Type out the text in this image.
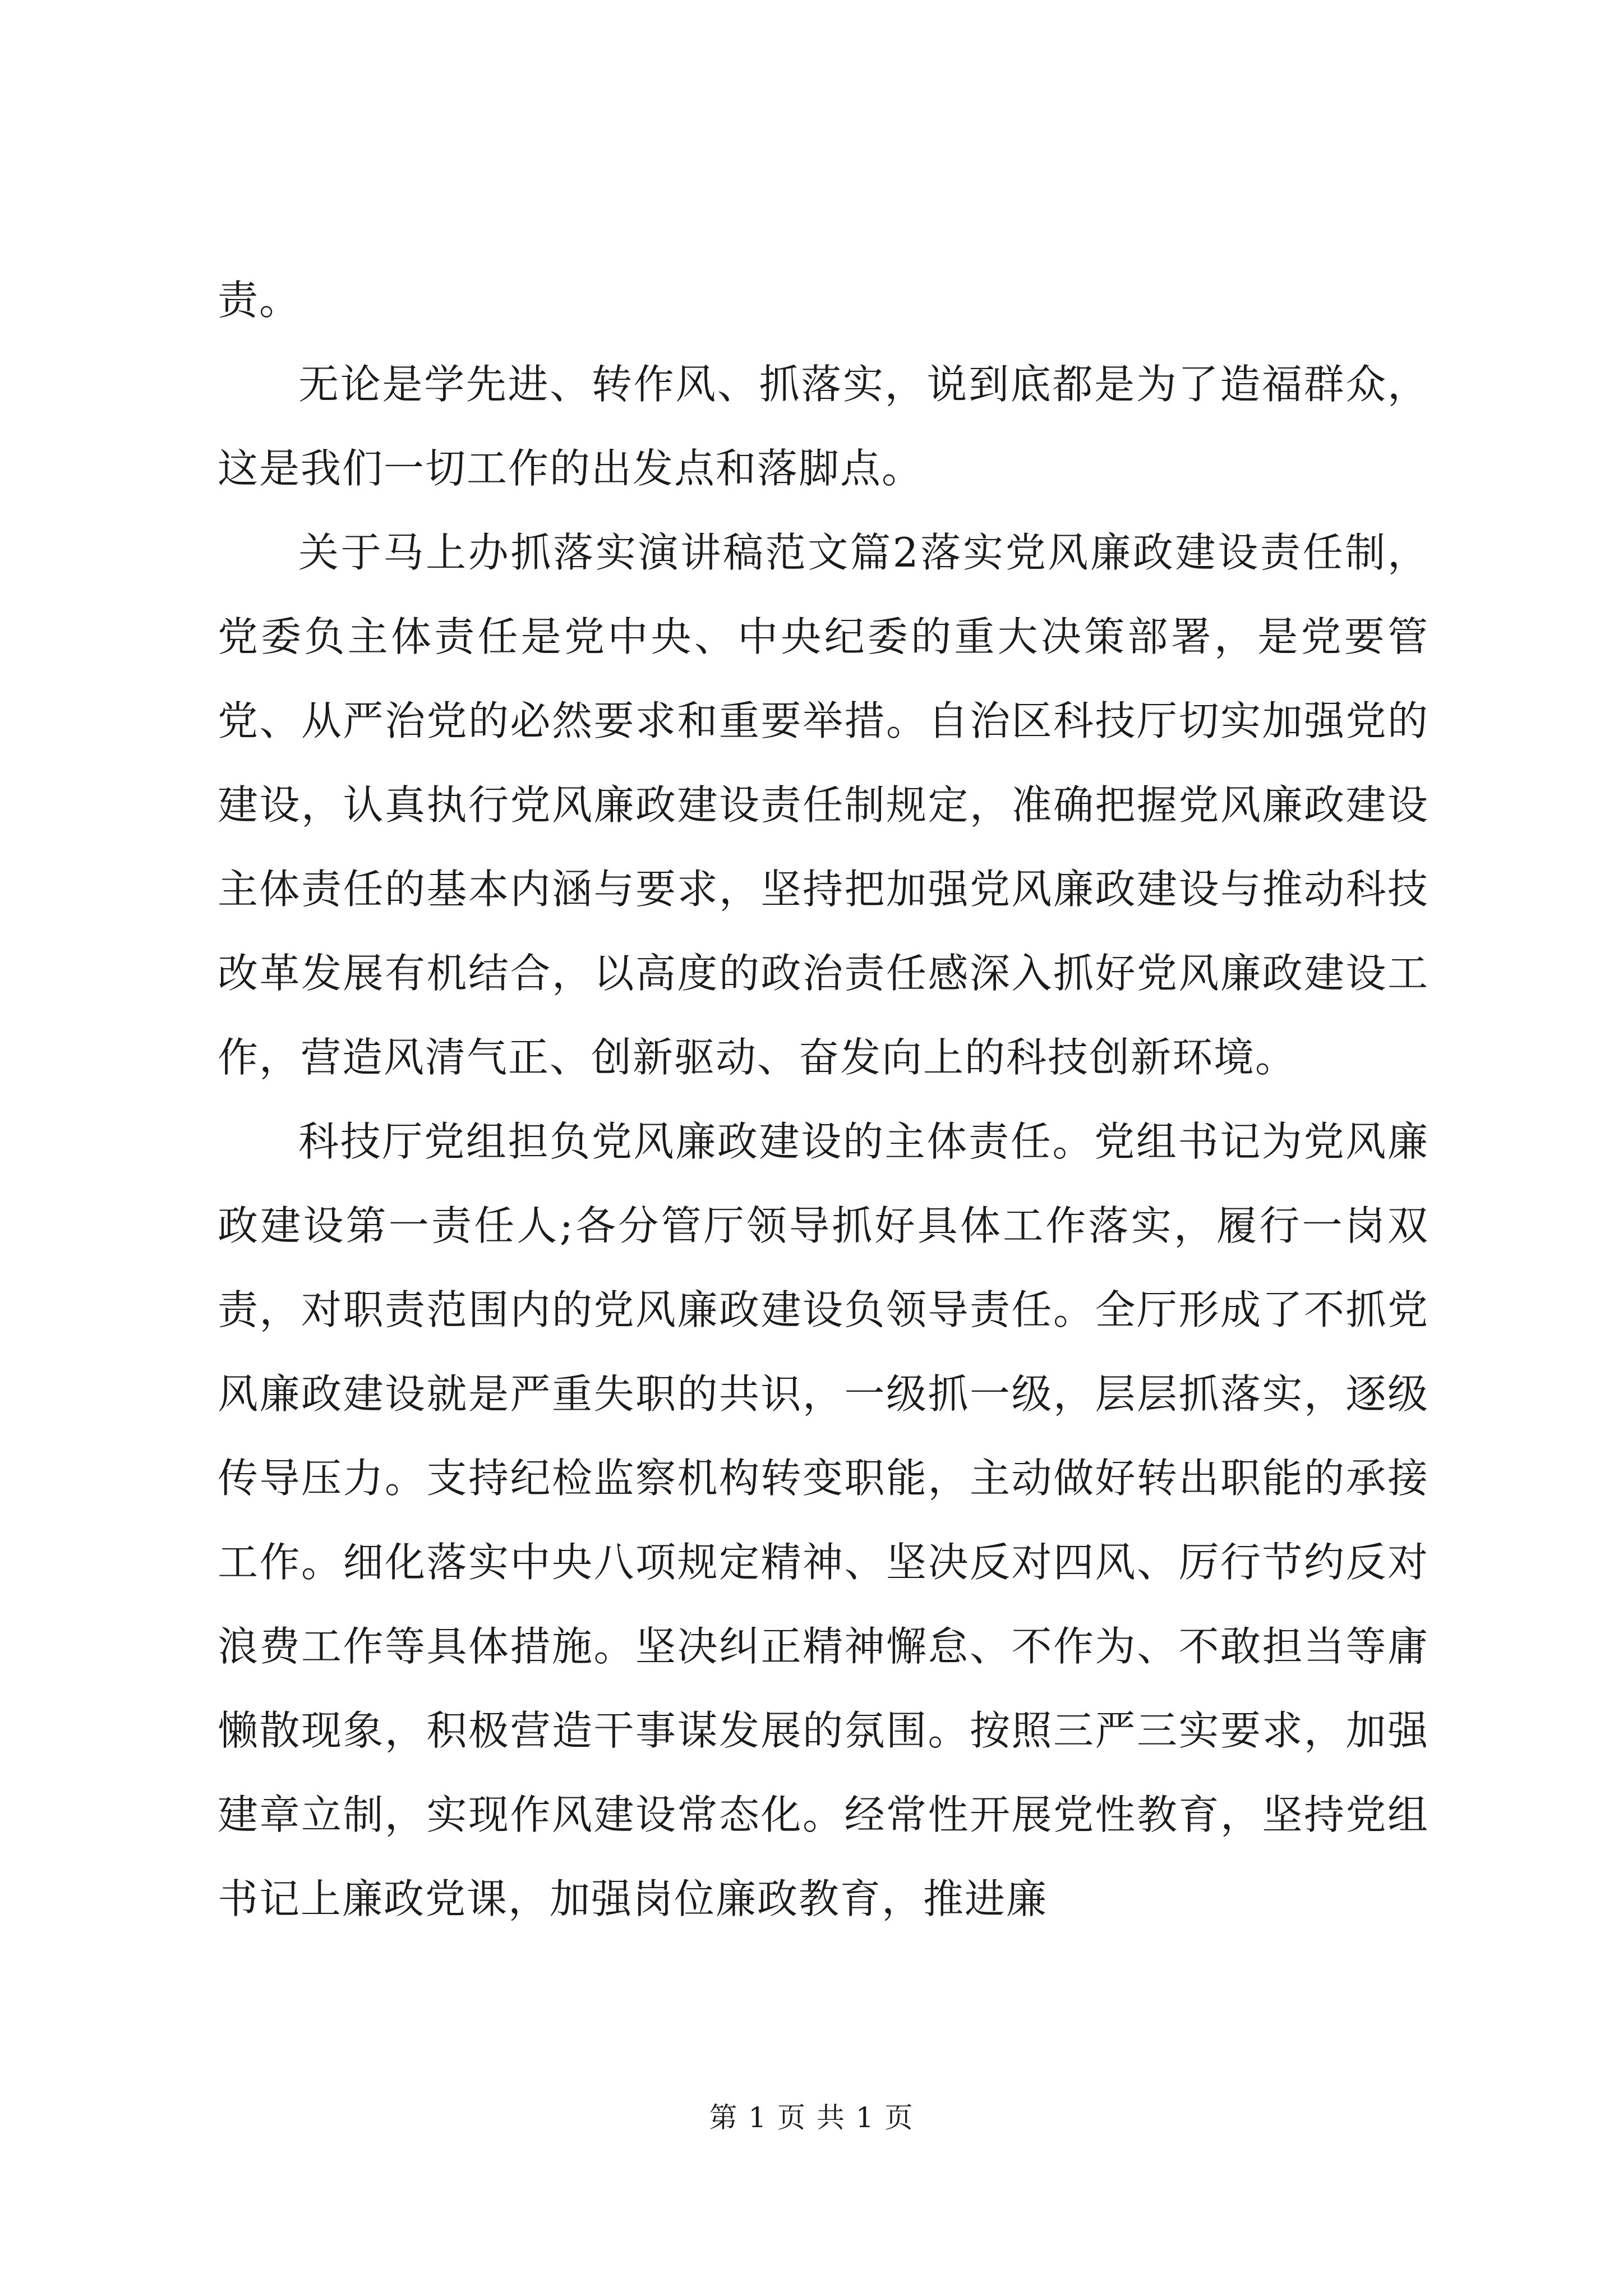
责。

无论是学先进、转作风、抓落实，说到底都是为了造福群众，这是我们一切工作的出发点和落脚点。

关于马上办抓落实演讲稿范文篇2落实党风廉政建设责任制，党委负主体责任是党中央、中央纪委的重大决策部署，是党要管党、从严治党的必然要求和重要举措。自治区科技厅切实加强党的建设，认真执行党风廉政建设责任制规定，准确把握党风廉政建设主体责任的基本内涵与要求，坚持把加强党风廉政建设与推动科技改革发展有机结合，以高度的政治责任感深入抓好党风廉政建设工作，营造风清气正、创新驱动、奋发向上的科技创新环境。

科技厅党组担负党风廉政建设的主体责任。党组书记为党风廉政建设第一责任人;各分管厅领导抓好具体工作落实，履行一岗双责，对职责范围内的党风廉政建设负领导责任。全厅形成了不抓党风廉政建设就是严重失职的共识，一级抓一级，层层抓落实，逐级传导压力。支持纪检监察机构转变职能，主动做好转出职能的承接工作。细化落实中央八项规定精神、坚决反对四风、厉行节约反对浪费工作等具体措施。坚决纠正精神懈怠、不作为、不敢担当等庸懒散现象，积极营造干事谋发展的氛围。按照三严三实要求，加强建章立制，实现作风建设常态化。经常性开展党性教育，坚持党组书记上廉政党课，加强岗位廉政教育，推进廉

第 1 页 共 1 页
